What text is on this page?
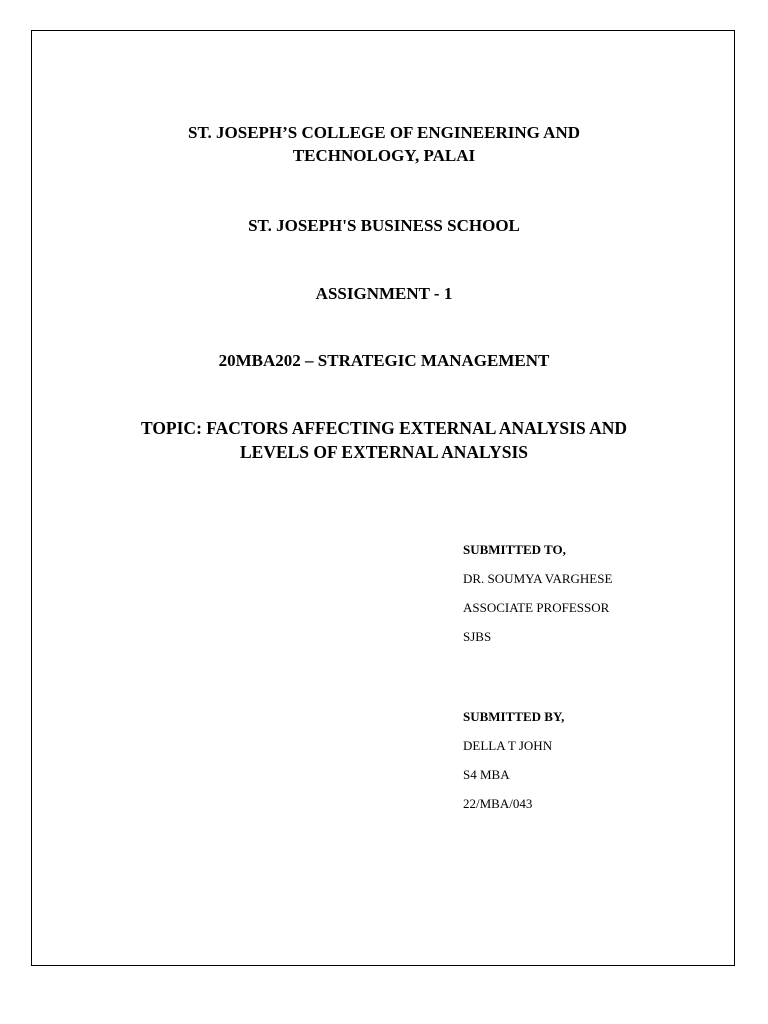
ST. JOSEPH’S COLLEGE OF ENGINEERING AND
TECHNOLOGY, PALAI
ST. JOSEPH'S BUSINESS SCHOOL
ASSIGNMENT - 1
20MBA202 – STRATEGIC MANAGEMENT
TOPIC: FACTORS AFFECTING EXTERNAL ANALYSIS AND
LEVELS OF EXTERNAL ANALYSIS
SUBMITTED TO,
DR. SOUMYA VARGHESE
ASSOCIATE PROFESSOR
SJBS
SUBMITTED BY,
DELLA T JOHN
S4 MBA
22/MBA/043
